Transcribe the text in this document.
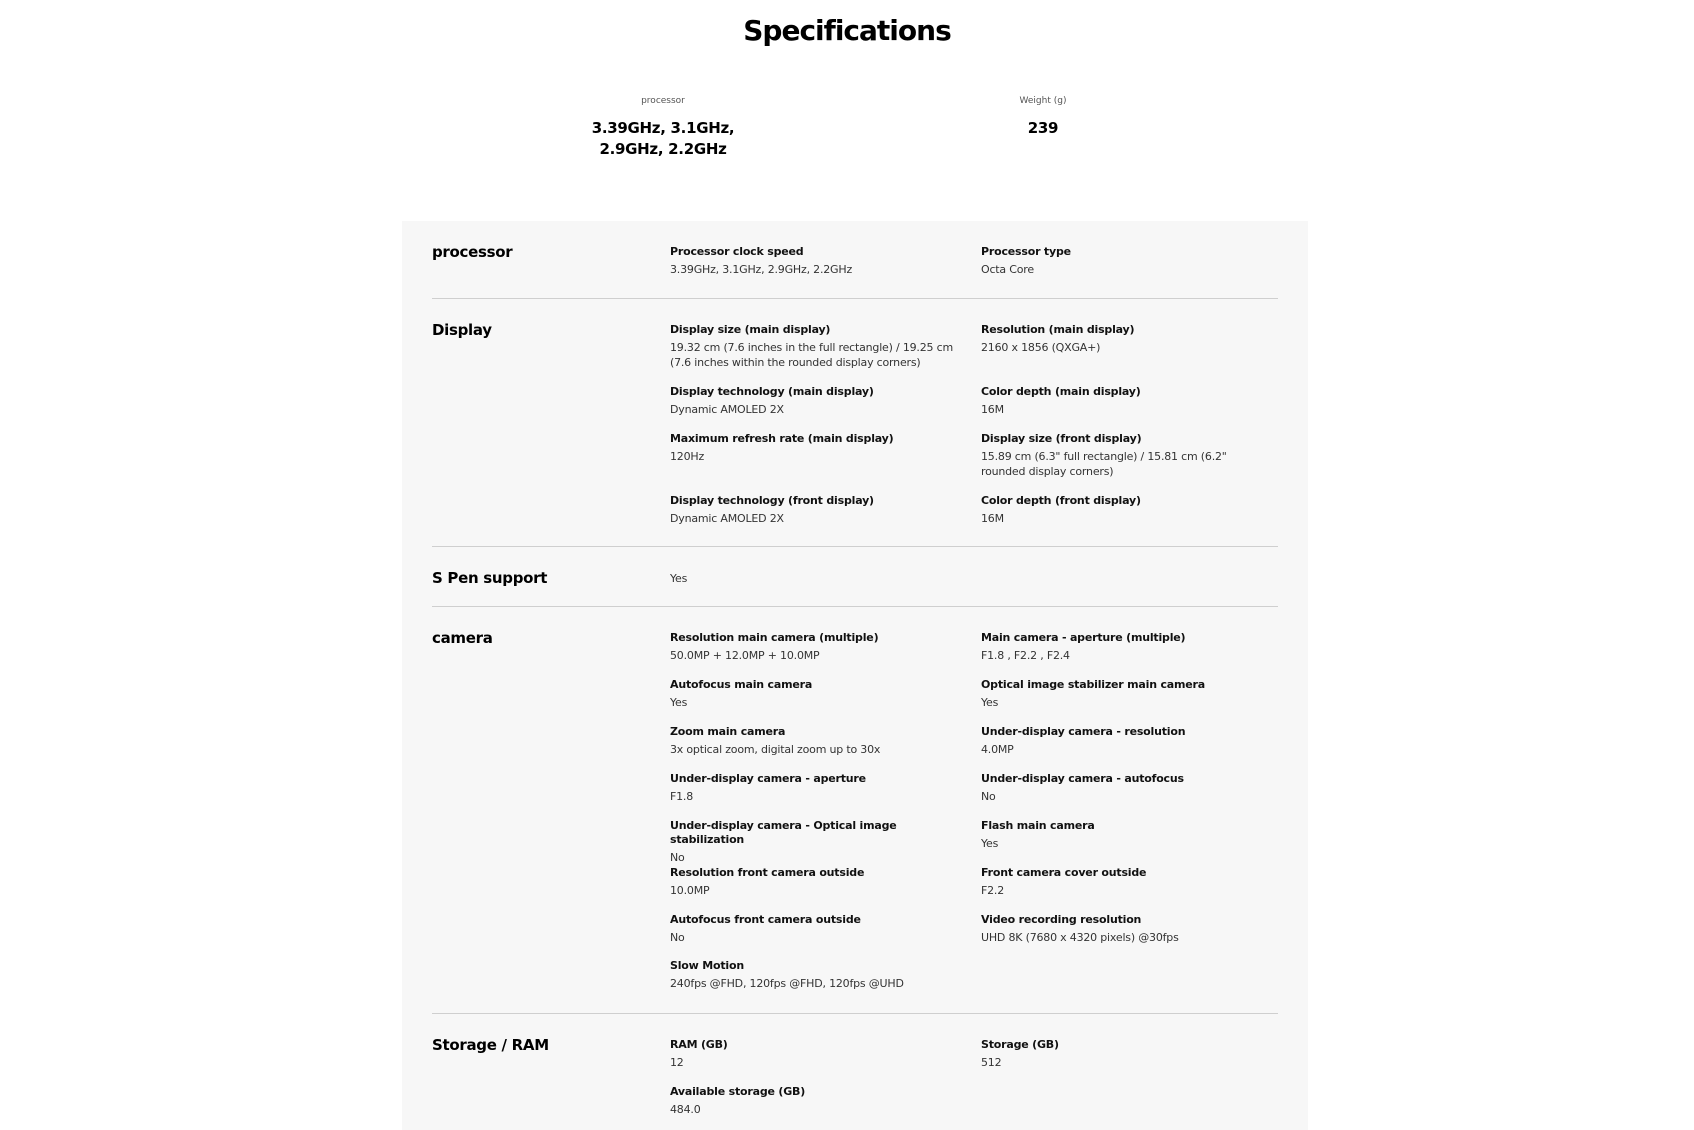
Specifications
processor
3.39GHz, 3.1GHz, 2.9GHz, 2.2GHz
Weight (g)
239
processor	Processor clock speed
3.39GHz, 3.1GHz, 2.9GHz, 2.2GHz
Processor type
Octa Core
Display	Display size (main display)
19.32 cm (7.6 inches in the full rectangle) / 19.25 cm (7.6 inches within the rounded display corners)
Resolution (main display)
2160 x 1856 (QXGA+)
Display technology (main display)
Dynamic AMOLED 2X
Color depth (main display)
16M
Maximum refresh rate (main display)
120Hz
Display size (front display)
15.89 cm (6.3" full rectangle) / 15.81 cm (6.2" rounded display corners)
Display technology (front display)
Dynamic AMOLED 2X
Color depth (front display)
16M
S Pen support	Yes
camera	Resolution main camera (multiple)
50.0MP + 12.0MP + 10.0MP
Main camera - aperture (multiple)
F1.8 , F2.2 , F2.4
Autofocus main camera
Yes
Optical image stabilizer main camera
Yes
Zoom main camera
3x optical zoom, digital zoom up to 30x
Under-display camera - resolution
4.0MP
Under-display camera - aperture
F1.8
Under-display camera - autofocus
No
Under-display camera - Optical image stabilization
No
Flash main camera
Yes
Resolution front camera outside
10.0MP
Front camera cover outside
F2.2
Autofocus front camera outside
No
Video recording resolution
UHD 8K (7680 x 4320 pixels) @30fps
Slow Motion
240fps @FHD, 120fps @FHD, 120fps @UHD
Storage / RAM	RAM (GB)
12
Storage (GB)
512
Available storage (GB)
484.0
